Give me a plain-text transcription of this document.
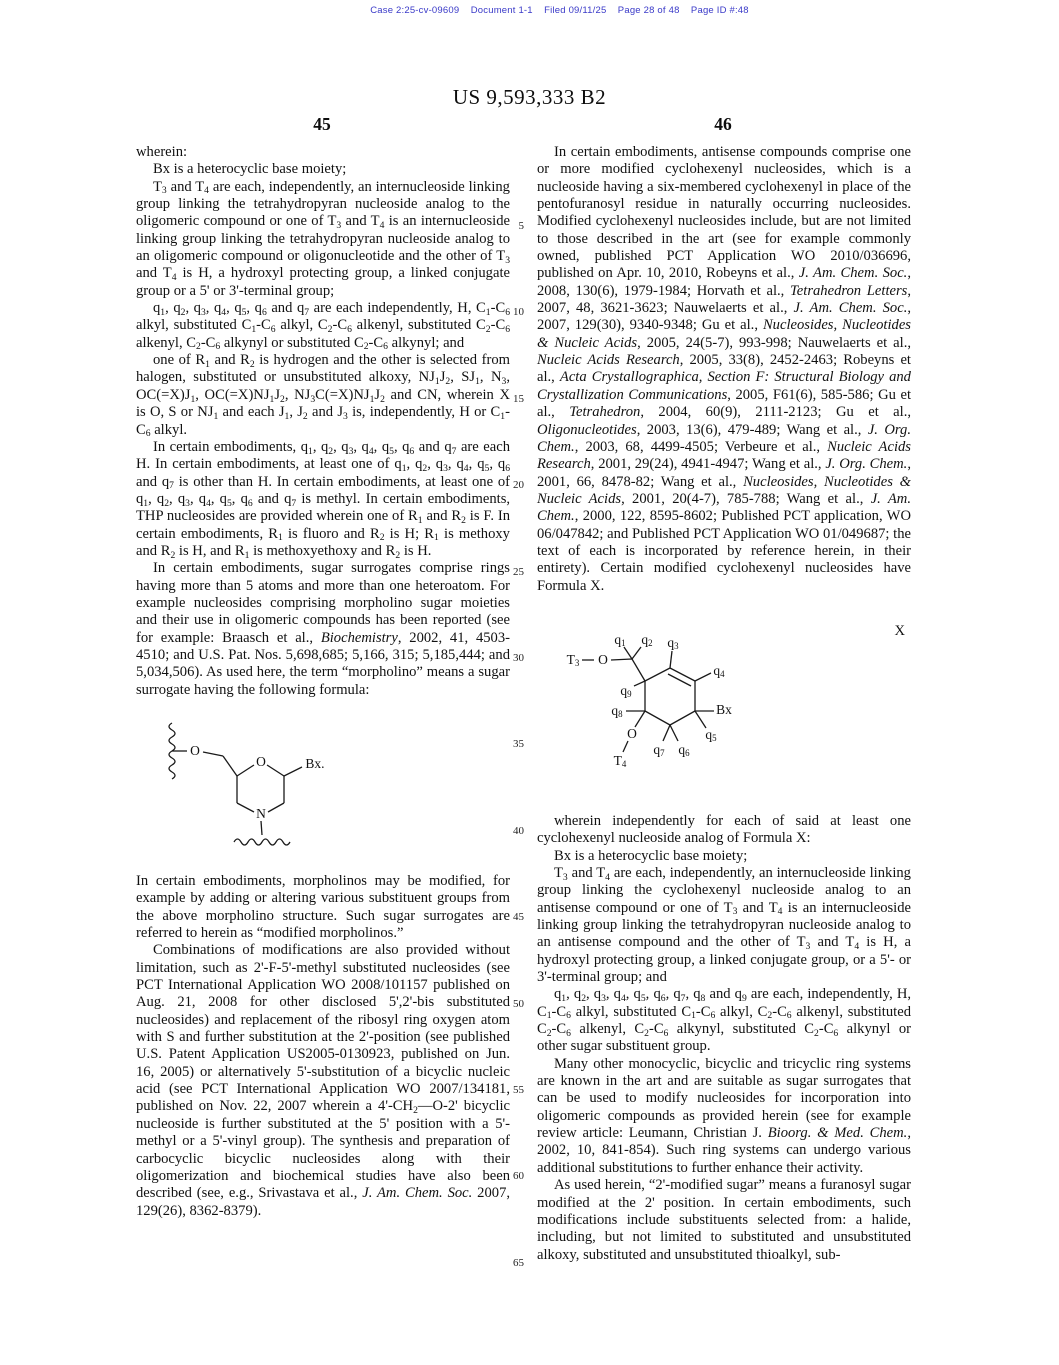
Case 2:25-cv-09609    Document 1-1    Filed 09/11/25    Page 28 of 48    Page ID #:48
US 9,593,333 B2
45	46
5
10
15
20
25
30
35
40
45
50
55
60
65

wherein:

Bx is a heterocyclic base moiety;

$T_3$ and $T_4$ are each, independently, an internucleoside linking group linking the tetrahydropyran nucleoside analog to the oligomeric compound or one of $T_3$ and $T_4$ is an internucleoside linking group linking the tetrahydropyran nucleoside analog to an oligomeric compound or oligonucleotide and the other of $T_3$ and $T_4$ is H, a hydroxyl protecting group, a linked conjugate group or a 5' or 3'-terminal group;

$q_1$, $q_2$, $q_3$, $q_4$, $q_5$, $q_6$ and $q_7$ are each independently, H, $C_1-C_6$ alkyl, substituted $C_1-C_6$ alkyl, $C_2-C_6$ alkenyl, substituted $C_2-C_6$ alkenyl, $C_2-C_6$ alkynyl or substituted $C_2-C_6$ alkynyl; and

one of $R_1$ and $R_2$ is hydrogen and the other is selected from halogen, substituted or unsubstituted alkoxy, $NJ_1J_2$, $SJ_1$, $N_3$, $OC(=X)J_1$, $OC(=X)NJ_1J_2$, $NJ_3C(=X)NJ_1J_2$ and CN, wherein X is O, S or $NJ_1$ and each $J_1$, $J_2$ and $J_3$ is, independently, H or $C_1-C_6$ alkyl.

In certain embodiments, $q_1$, $q_2$, $q_3$, $q_4$, $q_5$, $q_6$ and $q_7$ are each H. In certain embodiments, at least one of $q_1$, $q_2$, $q_3$, $q_4$, $q_5$, $q_6$ and $q_7$ is other than H. In certain embodiments, at least one of $q_1$, $q_2$, $q_3$, $q_4$, $q_5$, $q_6$ and $q_7$ is methyl. In certain embodiments, THP nucleosides are provided wherein one of $R_1$ and $R_2$ is F. In certain embodiments, $R_1$ is fluoro and $R_2$ is H; $R_1$ is methoxy and $R_2$ is H, and $R_1$ is methoxyethoxy and $R_2$ is H.

In certain embodiments, sugar surrogates comprise rings having more than 5 atoms and more than one heteroatom. For example nucleosides comprising morpholino sugar moieties and their use in oligomeric compounds has been reported (see for example: Braasch et al., Biochemistry, 2002, 41, 4503-4510; and U.S. Pat. Nos. 5,698,685; 5,166, 315; 5,185,444; and 5,034,506). As used here, the term “morpholino” means a sugar surrogate having the following formula:

O
O
N
Bx.

In certain embodiments, morpholinos may be modified, for example by adding or altering various substituent groups from the above morpholino structure. Such sugar surrogates are referred to herein as “modified morpholinos.”

Combinations of modifications are also provided without limitation, such as 2'-F-5'-methyl substituted nucleosides (see PCT International Application WO 2008/101157 published on Aug. 21, 2008 for other disclosed 5',2'-bis substituted nucleosides) and replacement of the ribosyl ring oxygen atom with S and further substitution at the 2'-position (see published U.S. Patent Application US2005-0130923, published on Jun. 16, 2005) or alternatively 5'-substitution of a bicyclic nucleic acid (see PCT International Application WO 2007/134181, published on Nov. 22, 2007 wherein a $4'-CH_2—O-2'$ bicyclic nucleoside is further substituted at the 5' position with a 5'-methyl or a 5'-vinyl group). The synthesis and preparation of carbocyclic bicyclic nucleosides along with their oligomerization and biochemical studies have also been described (see, e.g., Srivastava et al., J. Am. Chem. Soc. 2007, 129(26), 8362-8379).

In certain embodiments, antisense compounds comprise one or more modified cyclohexenyl nucleosides, which is a nucleoside having a six-membered cyclohexenyl in place of the pentofuranosyl residue in naturally occurring nucleosides. Modified cyclohexenyl nucleosides include, but are not limited to those described in the art (see for example commonly owned, published PCT Application WO 2010/036696, published on Apr. 10, 2010, Robeyns et al., J. Am. Chem. Soc., 2008, 130(6), 1979-1984; Horvath et al., Tetrahedron Letters, 2007, 48, 3621-3623; Nauwelaerts et al., J. Am. Chem. Soc., 2007, 129(30), 9340-9348; Gu et al., Nucleosides, Nucleotides & Nucleic Acids, 2005, 24(5-7), 993-998; Nauwelaerts et al., Nucleic Acids Research, 2005, 33(8), 2452-2463; Robeyns et al., Acta Crystallographica, Section F: Structural Biology and Crystallization Communications, 2005, F61(6), 585-586; Gu et al., Tetrahedron, 2004, 60(9), 2111-2123; Gu et al., Oligonucleotides, 2003, 13(6), 479-489; Wang et al., J. Org. Chem., 2003, 68, 4499-4505; Verbeure et al., Nucleic Acids Research, 2001, 29(24), 4941-4947; Wang et al., J. Org. Chem., 2001, 66, 8478-82; Wang et al., Nucleosides, Nucleotides & Nucleic Acids, 2001, 20(4-7), 785-788; Wang et al., J. Am. Chem., 2000, 122, 8595-8602; Published PCT application, WO 06/047842; and Published PCT Application WO 01/049687; the text of each is incorporated by reference herein, in their entirety). Certain modified cyclohexenyl nucleosides have Formula X.

X
$T_3$ O
$q_1$ $q_2$ $q_3$
$q_4$
$q_9$
Bx
$q_8$
$q_5$
O
$q_7$ $q_6$
$T_4$

wherein independently for each of said at least one cyclohexenyl nucleoside analog of Formula X:

Bx is a heterocyclic base moiety;

$T_3$ and $T_4$ are each, independently, an internucleoside linking group linking the cyclohexenyl nucleoside analog to an antisense compound or one of $T_3$ and $T_4$ is an internucleoside linking group linking the tetrahydropyran nucleoside analog to an antisense compound and the other of $T_3$ and $T_4$ is H, a hydroxyl protecting group, a linked conjugate group, or a 5'- or 3'-terminal group; and

$q_1$, $q_2$, $q_3$, $q_4$, $q_5$, $q_6$, $q_7$, $q_8$ and $q_9$ are each, independently, H, $C_1-C_6$ alkyl, substituted $C_1-C_6$ alkyl, $C_2-C_6$ alkenyl, substituted $C_2-C_6$ alkenyl, $C_2-C_6$ alkynyl, substituted $C_2-C_6$ alkynyl or other sugar substituent group.

Many other monocyclic, bicyclic and tricyclic ring systems are known in the art and are suitable as sugar surrogates that can be used to modify nucleosides for incorporation into oligomeric compounds as provided herein (see for example review article: Leumann, Christian J. Bioorg. & Med. Chem., 2002, 10, 841-854). Such ring systems can undergo various additional substitutions to further enhance their activity.

As used herein, “2'-modified sugar” means a furanosyl sugar modified at the 2' position. In certain embodiments, such modifications include substituents selected from: a halide, including, but not limited to substituted and unsubstituted alkoxy, substituted and unsubstituted thioalkyl, sub-
